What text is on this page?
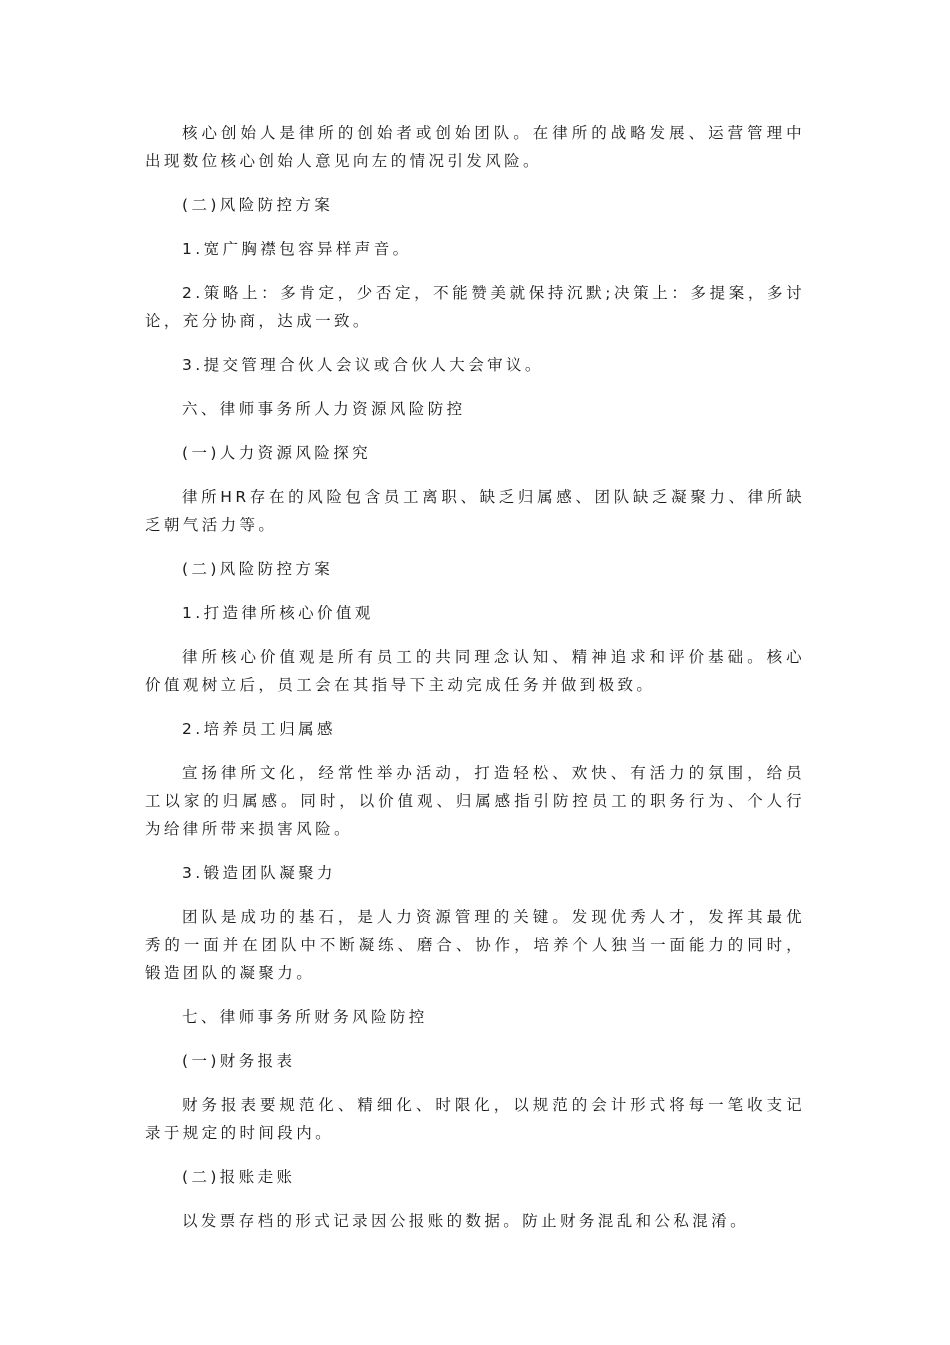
核心创始人是律所的创始者或创始团队。在律所的战略发展、运营管理中出现数位核心创始人意见向左的情况引发风险。

(二)风险防控方案

1.宽广胸襟包容异样声音。

2.策略上：多肯定，少否定，不能赞美就保持沉默;决策上：多提案，多讨论，充分协商，达成一致。

3.提交管理合伙人会议或合伙人大会审议。

六、律师事务所人力资源风险防控

(一)人力资源风险探究

律所HR存在的风险包含员工离职、缺乏归属感、团队缺乏凝聚力、律所缺乏朝气活力等。

(二)风险防控方案

1.打造律所核心价值观

律所核心价值观是所有员工的共同理念认知、精神追求和评价基础。核心价值观树立后，员工会在其指导下主动完成任务并做到极致。

2.培养员工归属感

宣扬律所文化，经常性举办活动，打造轻松、欢快、有活力的氛围，给员工以家的归属感。同时，以价值观、归属感指引防控员工的职务行为、个人行为给律所带来损害风险。

3.锻造团队凝聚力

团队是成功的基石，是人力资源管理的关键。发现优秀人才，发挥其最优秀的一面并在团队中不断凝练、磨合、协作，培养个人独当一面能力的同时，锻造团队的凝聚力。

七、律师事务所财务风险防控

(一)财务报表

财务报表要规范化、精细化、时限化，以规范的会计形式将每一笔收支记录于规定的时间段内。

(二)报账走账

以发票存档的形式记录因公报账的数据。防止财务混乱和公私混淆。
